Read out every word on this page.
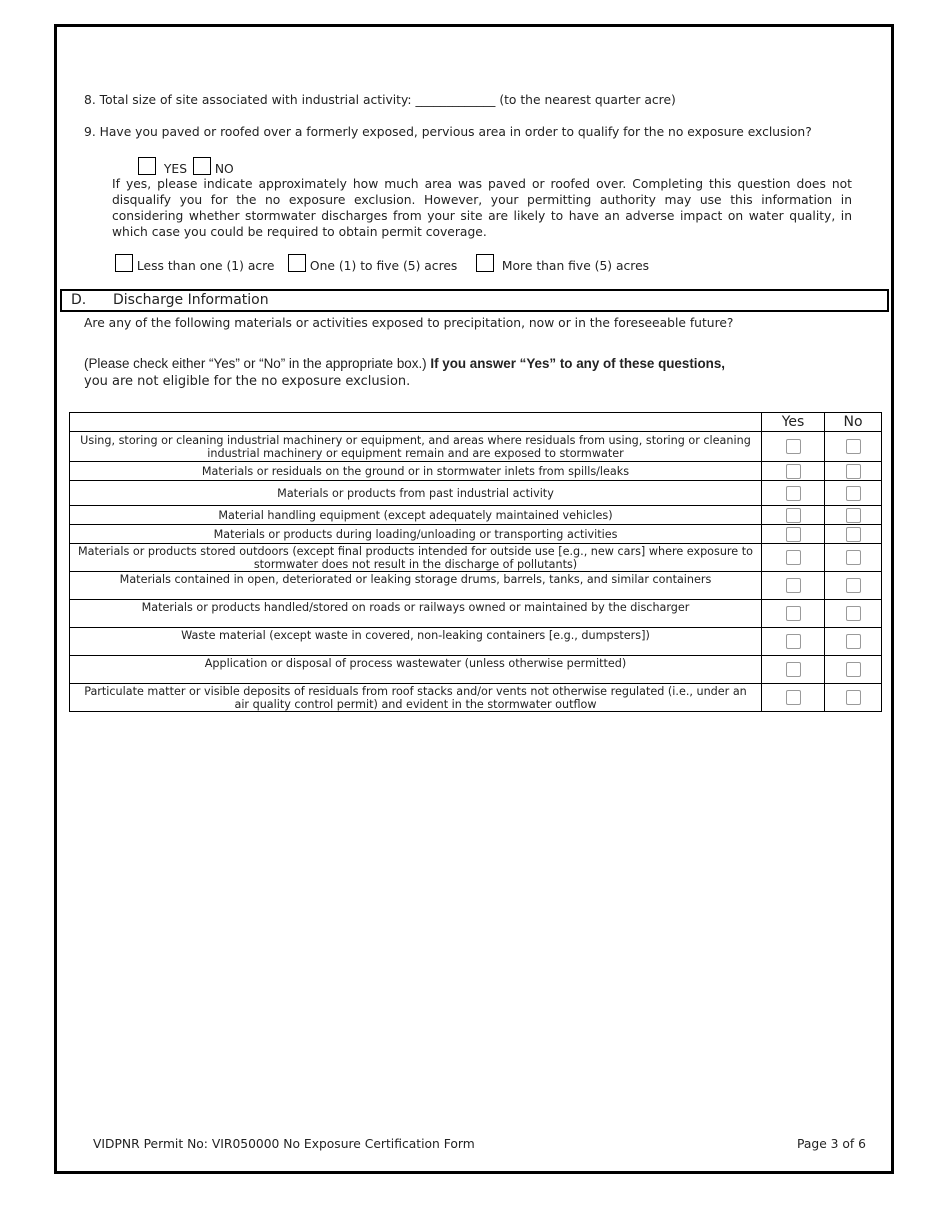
8. Total size of site associated with industrial activity: _____________ (to the nearest quarter acre)
9. Have you paved or roofed over a formerly exposed, pervious area in order to qualify for the no exposure exclusion?
YES NO
If yes, please indicate approximately how much area was paved or roofed over. Completing this question does not disqualify you for the no exposure exclusion. However, your permitting authority may use this information in considering whether stormwater discharges from your site are likely to have an adverse impact on water quality, in which case you could be required to obtain permit coverage.
Less than one (1) acre	One (1) to five (5) acres	More than five (5) acres
D. Discharge Information
Are any of the following materials or activities exposed to precipitation, now or in the foreseeable future?
(Please check either “Yes” or “No” in the appropriate box.) If you answer “Yes” to any of these questions,
you are not eligible for the no exposure exclusion.
	Yes	No
Using, storing or cleaning industrial machinery or equipment, and areas where residuals from using, storing or cleaning industrial machinery or equipment remain and are exposed to stormwater		
Materials or residuals on the ground or in stormwater inlets from spills/leaks		
Materials or products from past industrial activity		
Material handling equipment (except adequately maintained vehicles)		
Materials or products during loading/unloading or transporting activities		
Materials or products stored outdoors (except final products intended for outside use [e.g., new cars] where exposure to stormwater does not result in the discharge of pollutants)		
Materials contained in open, deteriorated or leaking storage drums, barrels, tanks, and similar containers		
Materials or products handled/stored on roads or railways owned or maintained by the discharger		
Waste material (except waste in covered, non-leaking containers [e.g., dumpsters])		
Application or disposal of process wastewater (unless otherwise permitted)		
Particulate matter or visible deposits of residuals from roof stacks and/or vents not otherwise regulated (i.e., under an air quality control permit) and evident in the stormwater outflow		
VIDPNR Permit No: VIR050000 No Exposure Certification Form	Page 3 of 6
